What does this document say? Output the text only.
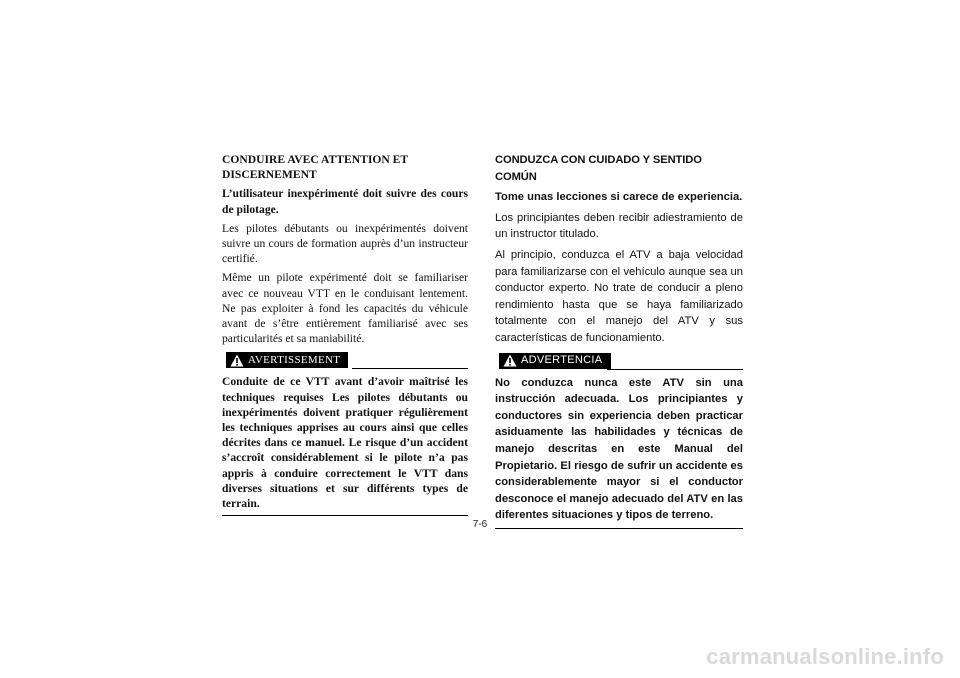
CONDUIRE AVEC ATTENTION ET DISCERNEMENT
L’utilisateur inexpérimenté doit suivre des cours de pilotage.

Les pilotes débutants ou inexpérimentés doivent suivre un cours de formation auprès d’un instructeur certifié.

Même un pilote expérimenté doit se familiariser avec ce nouveau VTT en le conduisant lentement. Ne pas exploiter à fond les capacités du véhicule avant de s’être entièrement familiarisé avec ses particularités et sa maniabilité.

AVERTISSEMENT

Conduite de ce VTT avant d’avoir maîtrisé les techniques requises Les pilotes débutants ou inexpérimentés doivent pratiquer régulièrement les techniques apprises au cours ainsi que celles décrites dans ce manuel. Le risque d’un accident s’accroît considérablement si le pilote n’a pas appris à conduire correctement le VTT dans diverses situations et sur différents types de terrain.

CONDUZCA CON CUIDADO Y SENTIDO COMÚN
Tome unas lecciones si carece de experiencia.

Los principiantes deben recibir adiestramiento de un instructor titulado.

Al principio, conduzca el ATV a baja velocidad para familiarizarse con el vehículo aunque sea un conductor experto. No trate de conducir a pleno rendimiento hasta que se haya familiarizado totalmente con el manejo del ATV y sus características de funcionamiento.

ADVERTENCIA

No conduzca nunca este ATV sin una instrucción adecuada. Los principiantes y conductores sin experiencia deben practicar asiduamente las habilidades y técnicas de manejo descritas en este Manual del Propietario. El riesgo de sufrir un accidente es considerablemente mayor si el conductor desconoce el manejo adecuado del ATV en las diferentes situaciones y tipos de terreno.

7-6
carmanualsonline.info
